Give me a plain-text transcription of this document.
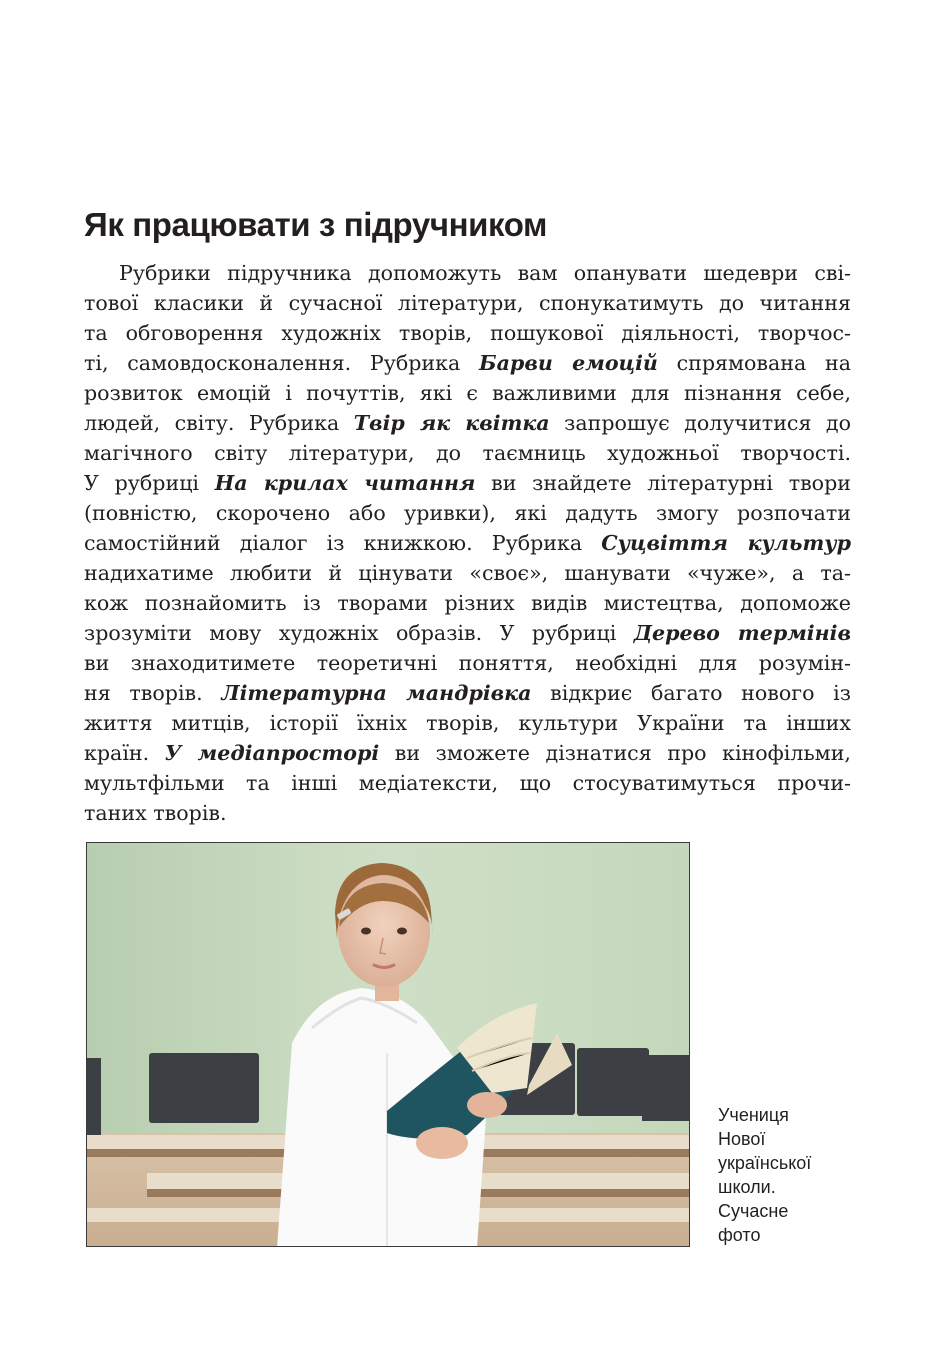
Як працювати з підручником
Рубрики підручника допоможуть вам опанувати шедеври сві-
тової класики й сучасної літератури, спонукатимуть до читання
та обговорення художніх творів, пошукової діяльності, творчос-
ті, самовдосконалення. Рубрика Барви емоцій спрямована на
розвиток емоцій і почуттів, які є важливими для пізнання себе,
людей, світу. Рубрика Твір як квітка запрошує долучитися до
магічного світу літератури, до таємниць художньої творчості.
У рубриці На крилах читання ви знайдете літературні твори
(повністю, скорочено або уривки), які дадуть змогу розпочати
самостійний діалог із книжкою. Рубрика Суцвіття культур
надихатиме любити й цінувати «своє», шанувати «чуже», а та-
кож познайомить із творами різних видів мистецтва, допоможе
зрозуміти мову художніх образів. У рубриці Дерево термінів
ви знаходитимете теоретичні поняття, необхідні для розумін-
ня творів. Літературна мандрівка відкриє багато нового із
життя митців, історії їхніх творів, культури України та інших
країн. У медіапросторі ви зможете дізнатися про кінофільми,
мультфільми та інші медіатексти, що стосуватимуться прочи-
таних творів.
Учениця
Нової
української
школи.
Сучасне
фото
